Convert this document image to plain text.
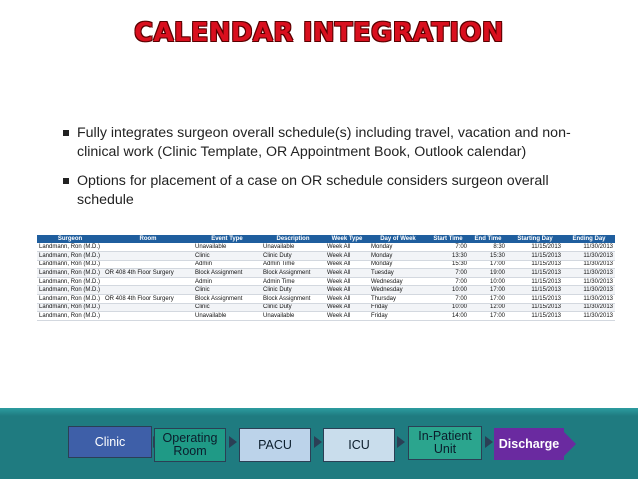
CALENDAR INTEGRATION
Fully integrates surgeon overall schedule(s) including travel, vacation and non-clinical work (Clinic Template, OR Appointment Book, Outlook calendar)
Options for placement of a case on OR schedule considers surgeon overall schedule
Surgeon	Room	Event Type	Description	Week Type	Day of Week	Start Time	End Time	Starting Day	Ending Day
Landmann, Ron (M.D.)		Unavailable	Unavailable	Week All	Monday	7:00	8:30	11/15/2013	11/30/2013
Landmann, Ron (M.D.)		Clinic	Clinic Duty	Week All	Monday	13:30	15:30	11/15/2013	11/30/2013
Landmann, Ron (M.D.)		Admin	Admin Time	Week All	Monday	15:30	17:00	11/15/2013	11/30/2013
Landmann, Ron (M.D.)	OR 408 4th Floor Surgery	Block Assignment	Block Assignment	Week All	Tuesday	7:00	19:00	11/15/2013	11/30/2013
Landmann, Ron (M.D.)		Admin	Admin Time	Week All	Wednesday	7:00	10:00	11/15/2013	11/30/2013
Landmann, Ron (M.D.)		Clinic	Clinic Duty	Week All	Wednesday	10:00	17:00	11/15/2013	11/30/2013
Landmann, Ron (M.D.)	OR 408 4th Floor Surgery	Block Assignment	Block Assignment	Week All	Thursday	7:00	17:00	11/15/2013	11/30/2013
Landmann, Ron (M.D.)		Clinic	Clinic Duty	Week All	Friday	10:00	12:00	11/15/2013	11/30/2013
Landmann, Ron (M.D.)		Unavailable	Unavailable	Week All	Friday	14:00	17:00	11/15/2013	11/30/2013
Clinic	Operating Room	PACU	ICU
In-Patient Unit	Discharge
